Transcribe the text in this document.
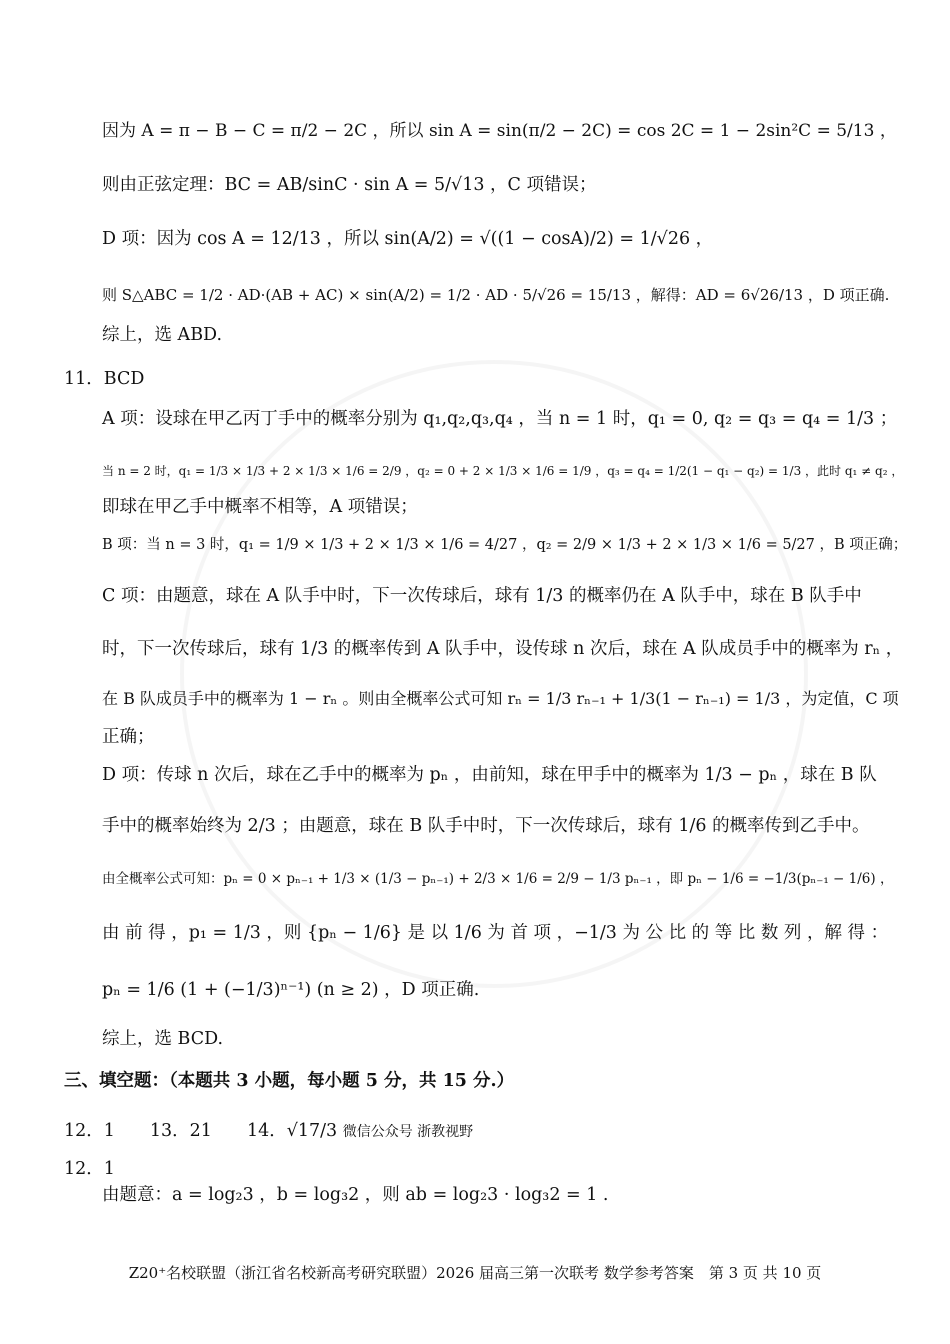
因为 A = π − B − C = π/2 − 2C ，所以 sin A = sin(π/2 − 2C) = cos 2C = 1 − 2sin²C = 5/13 ，
则由正弦定理：BC = AB/sinC · sin A = 5/√13 ，C 项错误；
D 项：因为 cos A = 12/13 ，所以 sin(A/2) = √((1 − cosA)/2) = 1/√26 ，
则 S△ABC = 1/2 · AD·(AB + AC) × sin(A/2) = 1/2 · AD · 5/√26 = 15/13 ，解得：AD = 6√26/13 ，D 项正确.
综上，选 ABD.
11．BCD
A 项：设球在甲乙丙丁手中的概率分别为 q₁,q₂,q₃,q₄ ，当 n = 1 时，q₁ = 0, q₂ = q₃ = q₄ = 1/3 ；
当 n = 2 时，q₁ = 1/3 × 1/3 + 2 × 1/3 × 1/6 = 2/9 ，q₂ = 0 + 2 × 1/3 × 1/6 = 1/9 ，q₃ = q₄ = 1/2(1 − q₁ − q₂) = 1/3 ，此时 q₁ ≠ q₂ ，
即球在甲乙手中概率不相等，A 项错误；
B 项：当 n = 3 时，q₁ = 1/9 × 1/3 + 2 × 1/3 × 1/6 = 4/27 ，q₂ = 2/9 × 1/3 + 2 × 1/3 × 1/6 = 5/27 ，B 项正确；
C 项：由题意，球在 A 队手中时，下一次传球后，球有 1/3 的概率仍在 A 队手中，球在 B 队手中
时，下一次传球后，球有 1/3 的概率传到 A 队手中，设传球 n 次后，球在 A 队成员手中的概率为 rₙ ，
在 B 队成员手中的概率为 1 − rₙ 。则由全概率公式可知 rₙ = 1/3 rₙ₋₁ + 1/3(1 − rₙ₋₁) = 1/3 ，为定值，C 项
正确；
D 项：传球 n 次后，球在乙手中的概率为 pₙ ，由前知，球在甲手中的概率为 1/3 − pₙ ，球在 B 队
手中的概率始终为 2/3 ；由题意，球在 B 队手中时，下一次传球后，球有 1/6 的概率传到乙手中。
由全概率公式可知：pₙ = 0 × pₙ₋₁ + 1/3 × (1/3 − pₙ₋₁) + 2/3 × 1/6 = 2/9 − 1/3 pₙ₋₁ ，即 pₙ − 1/6 = −1/3(pₙ₋₁ − 1/6) ，
由 前 得 ，p₁ = 1/3 ，则 {pₙ − 1/6} 是 以 1/6 为 首 项 ，−1/3 为 公 比 的 等 比 数 列 ，解 得 ：
pₙ = 1/6 (1 + (−1/3)ⁿ⁻¹) (n ≥ 2) ，D 项正确.
综上，选 BCD.
三、填空题：（本题共 3 小题，每小题 5 分，共 15 分.）
12．1　　13．21　　14．√17/3 微信公众号 浙教视野
12．1
由题意：a = log₂3 ，b = log₃2 ，则 ab = log₂3 · log₃2 = 1 .
Z20⁺名校联盟（浙江省名校新高考研究联盟）2026 届高三第一次联考 数学参考答案　第 3 页 共 10 页
